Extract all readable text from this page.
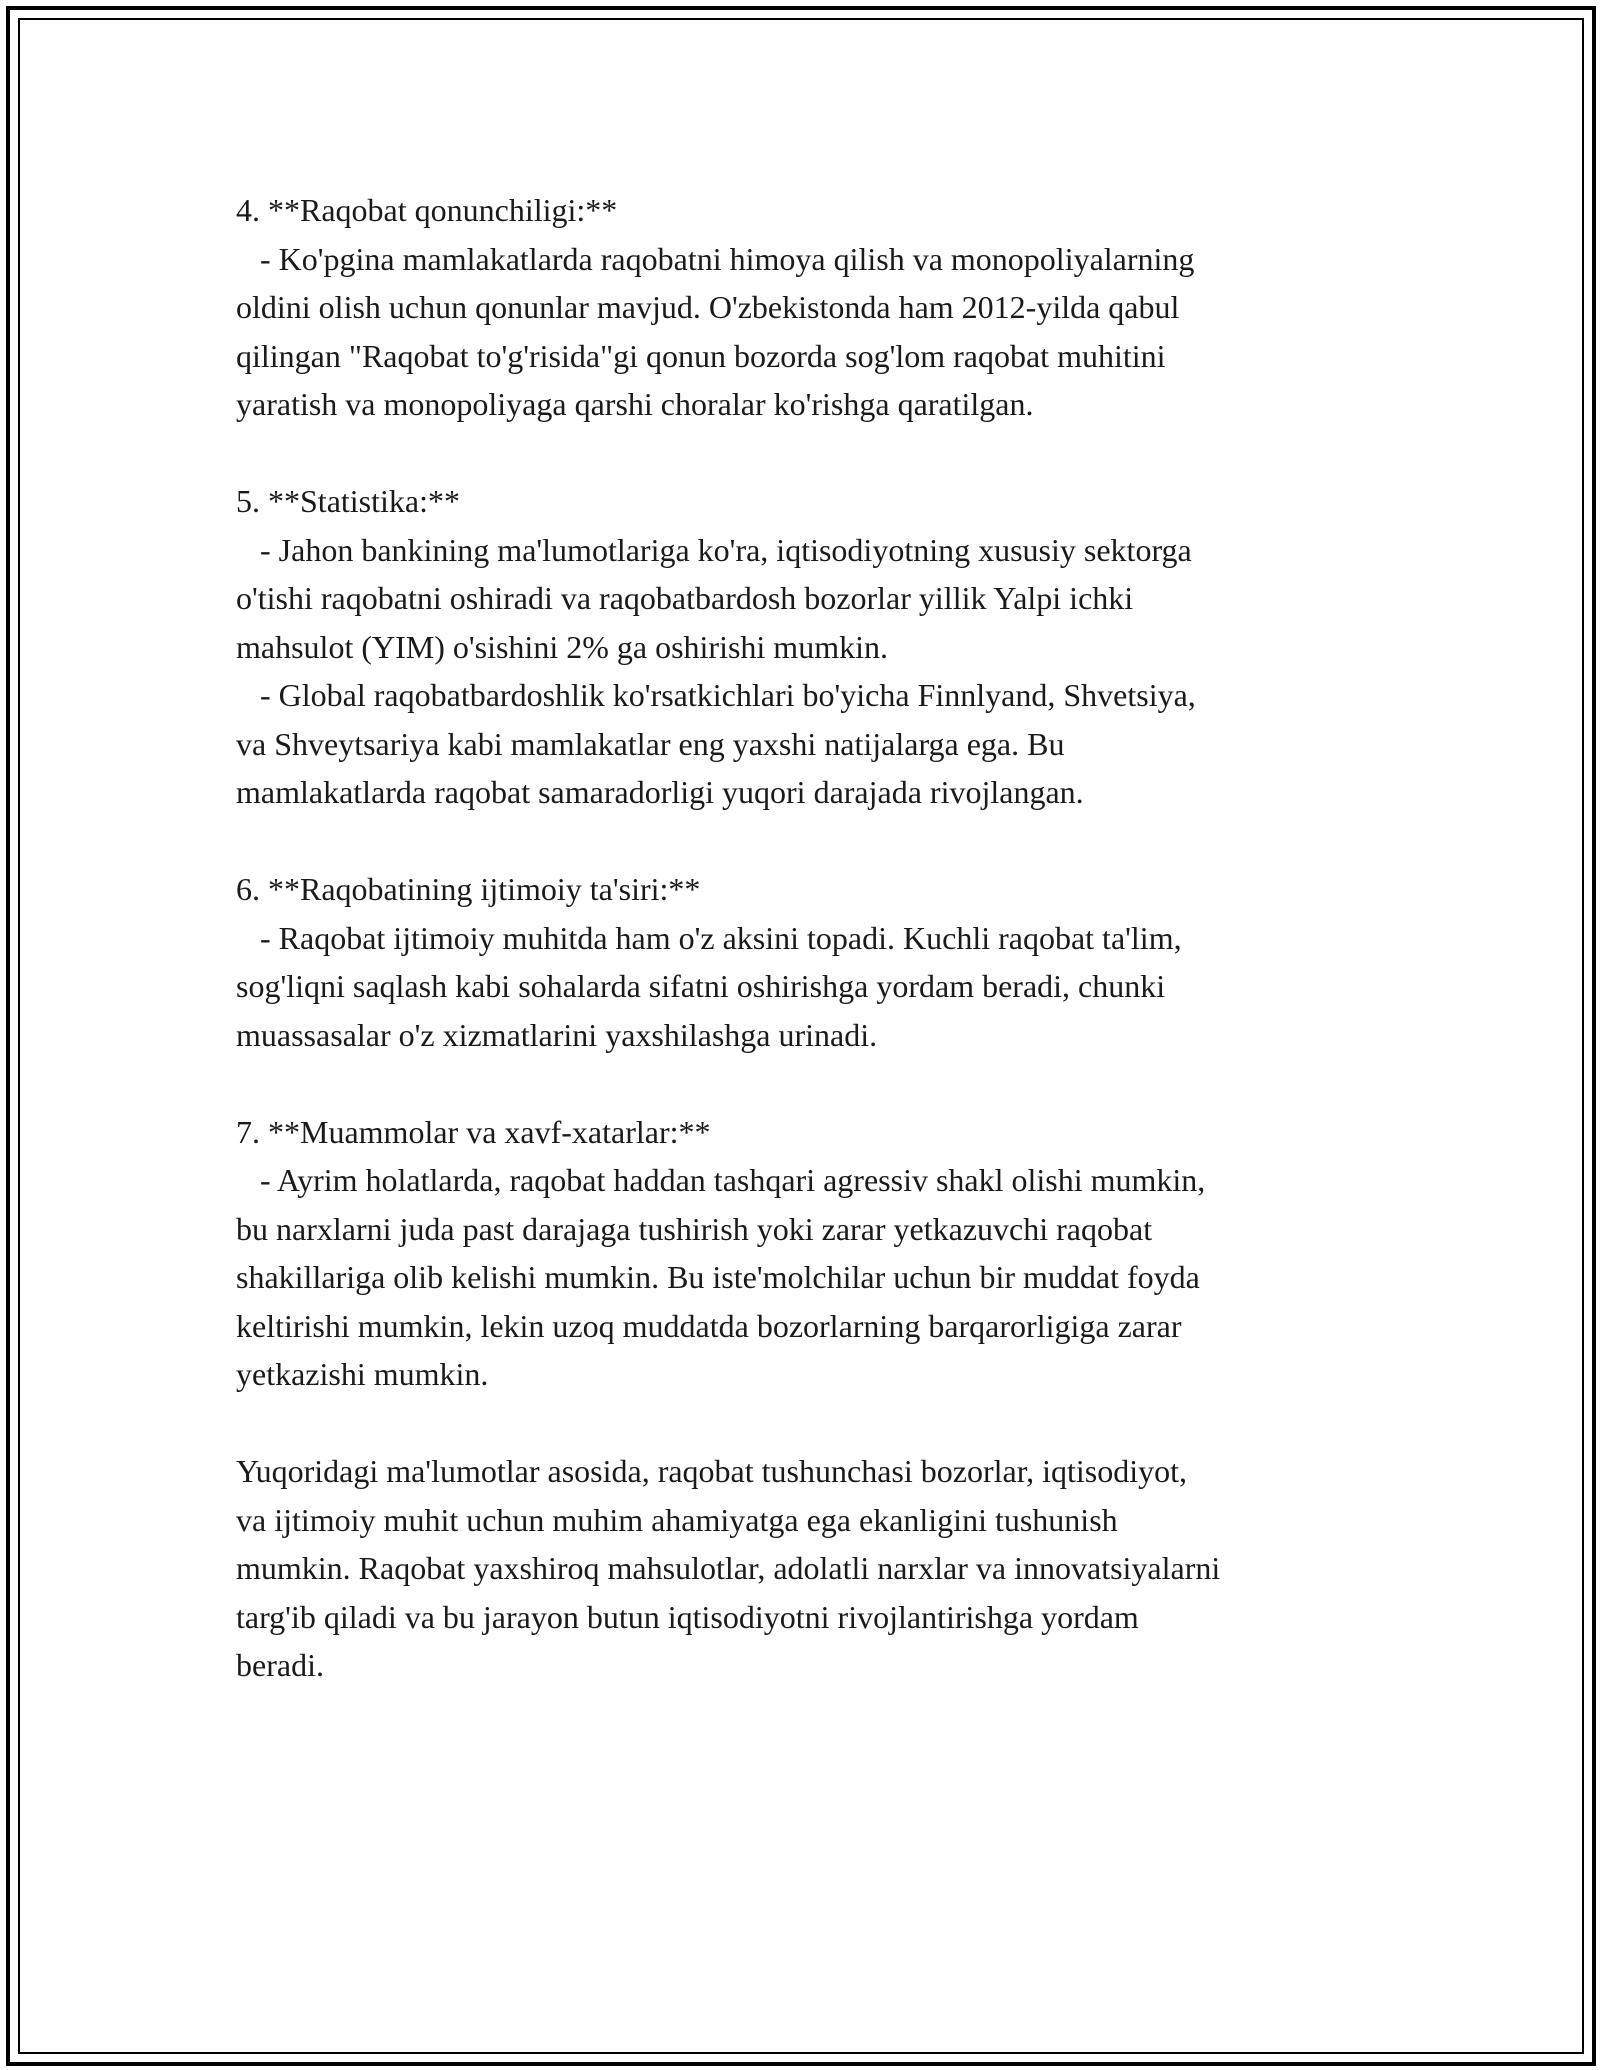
4. **Raqobat qonunchiligi:**
- Ko'pgina mamlakatlarda raqobatni himoya qilish va monopoliyalarning
oldini olish uchun qonunlar mavjud. O'zbekistonda ham 2012-yilda qabul
qilingan "Raqobat to'g'risida"gi qonun bozorda sog'lom raqobat muhitini
yaratish va monopoliyaga qarshi choralar ko'rishga qaratilgan.
5. **Statistika:**
- Jahon bankining ma'lumotlariga ko'ra, iqtisodiyotning xususiy sektorga
o'tishi raqobatni oshiradi va raqobatbardosh bozorlar yillik Yalpi ichki
mahsulot (YIM) o'sishini 2% ga oshirishi mumkin.
- Global raqobatbardoshlik ko'rsatkichlari bo'yicha Finnlyand, Shvetsiya,
va Shveytsariya kabi mamlakatlar eng yaxshi natijalarga ega. Bu
mamlakatlarda raqobat samaradorligi yuqori darajada rivojlangan.
6. **Raqobatining ijtimoiy ta'siri:**
- Raqobat ijtimoiy muhitda ham o'z aksini topadi. Kuchli raqobat ta'lim,
sog'liqni saqlash kabi sohalarda sifatni oshirishga yordam beradi, chunki
muassasalar o'z xizmatlarini yaxshilashga urinadi.
7. **Muammolar va xavf-xatarlar:**
- Ayrim holatlarda, raqobat haddan tashqari agressiv shakl olishi mumkin,
bu narxlarni juda past darajaga tushirish yoki zarar yetkazuvchi raqobat
shakillariga olib kelishi mumkin. Bu iste'molchilar uchun bir muddat foyda
keltirishi mumkin, lekin uzoq muddatda bozorlarning barqarorligiga zarar
yetkazishi mumkin.
Yuqoridagi ma'lumotlar asosida, raqobat tushunchasi bozorlar, iqtisodiyot,
va ijtimoiy muhit uchun muhim ahamiyatga ega ekanligini tushunish
mumkin. Raqobat yaxshiroq mahsulotlar, adolatli narxlar va innovatsiyalarni
targ'ib qiladi va bu jarayon butun iqtisodiyotni rivojlantirishga yordam
beradi.
